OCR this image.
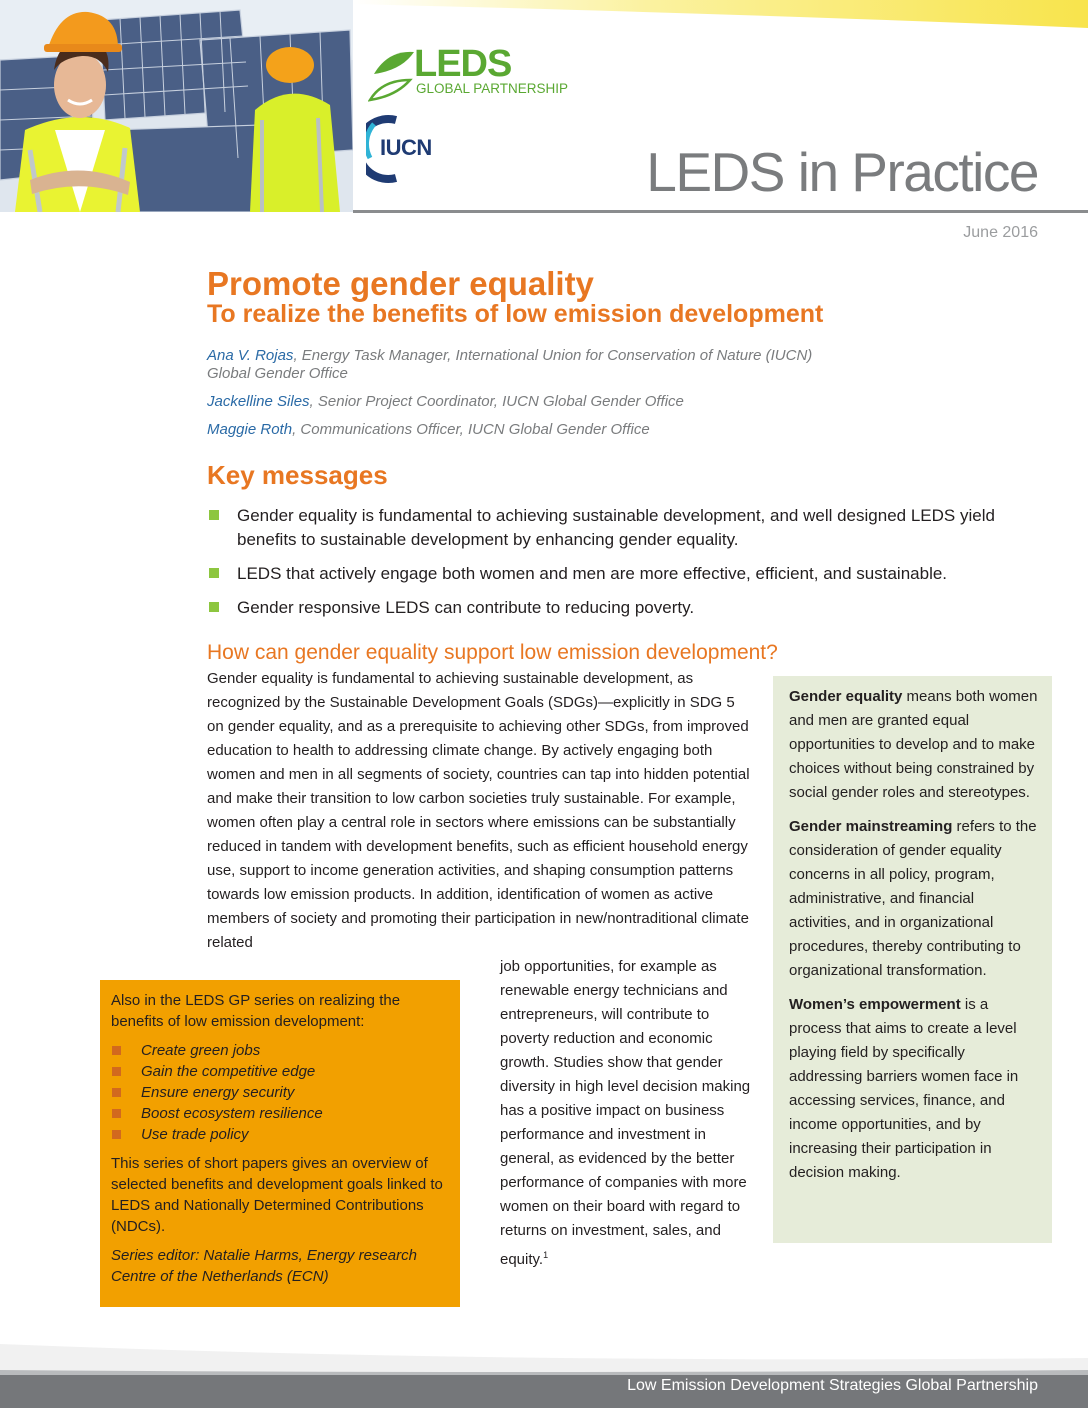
LEDS
GLOBAL PARTNERSHIP
IUCN	LEDS in Practice
June 2016
Promote gender equality
To realize the benefits of low emission development
Ana V. Rojas, Energy Task Manager, International Union for Conservation of Nature (IUCN)
Global Gender Office
Jackelline Siles, Senior Project Coordinator, IUCN Global Gender Office
Maggie Roth, Communications Officer, IUCN Global Gender Office
Key messages
Gender equality is fundamental to achieving sustainable development, and well designed LEDS yield benefits to sustainable development by enhancing gender equality.
LEDS that actively engage both women and men are more effective, efficient, and sustainable.
Gender responsive LEDS can contribute to reducing poverty.
How can gender equality support low emission development?
Gender equality is fundamental to achieving sustainable development, as recognized by the Sustainable Development Goals (SDGs)—explicitly in SDG 5 on gender equality, and as a prerequisite to achieving other SDGs, from improved education to health to addressing climate change. By actively engaging both women and men in all segments of society, countries can tap into hidden potential and make their transition to low carbon societies truly sustainable. For example, women often play a central role in sectors where emissions can be substantially reduced in tandem with development benefits, such as efficient household energy use, support to income generation activities, and shaping consumption patterns towards low emission products. In addition, identification of women as active members of society and promoting their participation in new/nontraditional climate related
job opportunities, for example as renewable energy technicians and entrepreneurs, will contribute to poverty reduction and economic growth. Studies show that gender diversity in high level decision making has a positive impact on business performance and investment in general, as evidenced by the better performance of companies with more women on their board with regard to returns on investment, sales, and equity.$^1$

Gender equality means both women and men are granted equal opportunities to develop and to make choices without being constrained by social gender roles and stereotypes.

Gender mainstreaming refers to the consideration of gender equality concerns in all policy, program, administrative, and financial activities, and in organizational procedures, thereby contributing to organizational transformation.

Women’s empowerment is a process that aims to create a level playing field by specifically addressing barriers women face in accessing services, finance, and income opportunities, and by increasing their participation in decision making.

Also in the LEDS GP series on realizing the benefits of low emission development:

Create green jobs
Gain the competitive edge
Ensure energy security
Boost ecosystem resilience
Use trade policy

This series of short papers gives an overview of selected benefits and development goals linked to LEDS and Nationally Determined Contributions (NDCs).

Series editor: Natalie Harms, Energy research Centre of the Netherlands (ECN)

Low Emission Development Strategies Global Partnership
